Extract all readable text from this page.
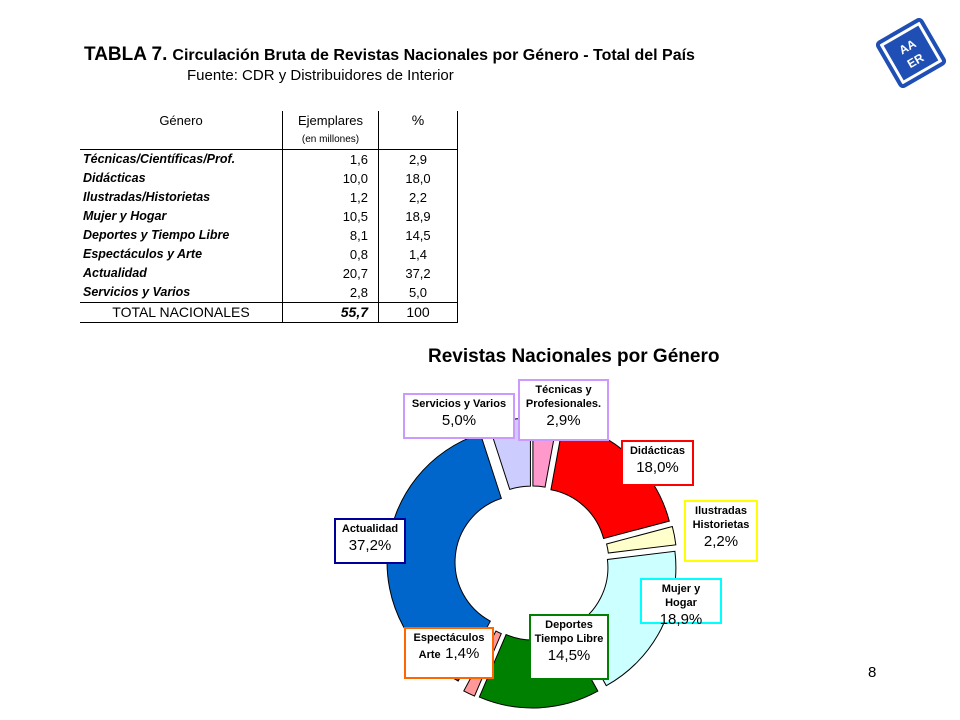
TABLA 7. Circulación Bruta de Revistas Nacionales por Género - Total del País
Fuente: CDR y Distribuidores de Interior
AA
ER
Género	Ejemplares	%
	(en millones)	
Técnicas/Científicas/Prof.	1,6	2,9
Didácticas	10,0	18,0
Ilustradas/Historietas	1,2	2,2
Mujer y Hogar	10,5	18,9
Deportes y Tiempo Libre	8,1	14,5
Espectáculos y Arte	0,8	1,4
Actualidad	20,7	37,2
Servicios y Varios	2,8	5,0
TOTAL NACIONALES	55,7	100
Revistas Nacionales por Género
Técnicas y Profesionales.
2,9%
Servicios y Varios
5,0%
Didácticas
18,0%
Ilustradas Historietas
2,2%
Actualidad
37,2%
Mujer y Hogar
18,9%
Deportes Tiempo Libre
14,5%
Espectáculos
Arte 1,4%
8
